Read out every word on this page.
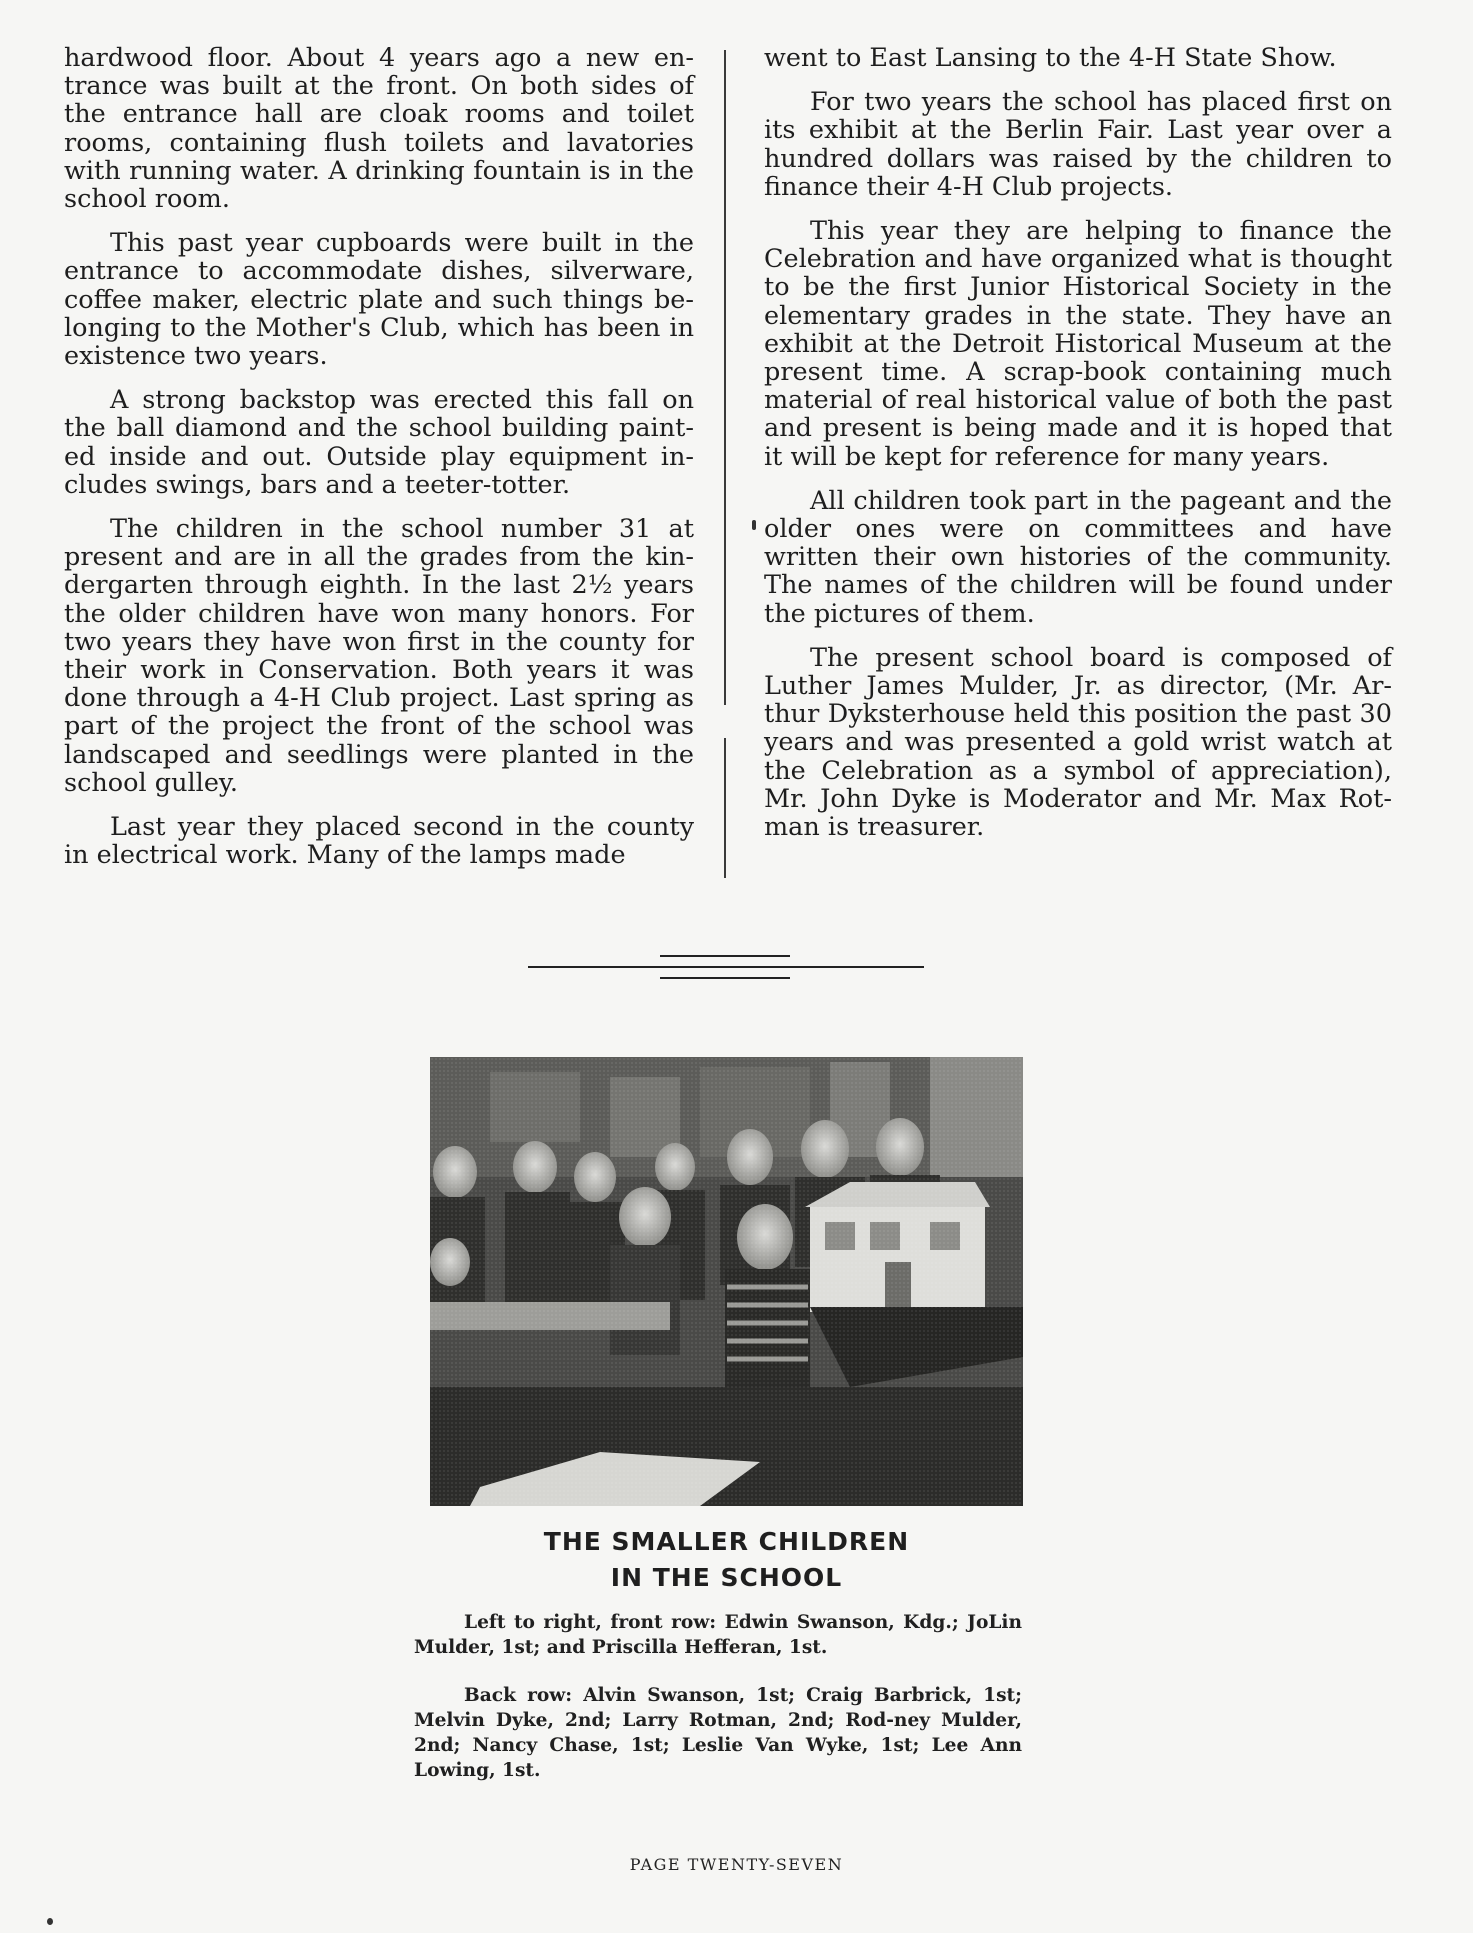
hardwood floor. About 4 years ago a new en-trance was built at the front. On both sides of the entrance hall are cloak rooms and toilet rooms, containing flush toilets and lavatories with running water. A drinking fountain is in the school room.

This past year cupboards were built in the entrance to accommodate dishes, silverware, coffee maker, electric plate and such things be-longing to the Mother's Club, which has been in existence two years.

A strong backstop was erected this fall on the ball diamond and the school building paint-ed inside and out. Outside play equipment in-cludes swings, bars and a teeter-totter.

The children in the school number 31 at present and are in all the grades from the kin-dergarten through eighth. In the last 2½ years the older children have won many honors. For two years they have won first in the county for their work in Conservation. Both years it was done through a 4-H Club project. Last spring as part of the project the front of the school was landscaped and seedlings were planted in the school gulley.

Last year they placed second in the county in electrical work. Many of the lamps made

went to East Lansing to the 4-H State Show.

For two years the school has placed first on its exhibit at the Berlin Fair. Last year over a hundred dollars was raised by the children to finance their 4-H Club projects.

This year they are helping to finance the Celebration and have organized what is thought to be the first Junior Historical Society in the elementary grades in the state. They have an exhibit at the Detroit Historical Museum at the present time. A scrap-book containing much material of real historical value of both the past and present is being made and it is hoped that it will be kept for reference for many years.

All children took part in the pageant and the older ones were on committees and have written their own histories of the community. The names of the children will be found under the pictures of them.

The present school board is composed of Luther James Mulder, Jr. as director, (Mr. Ar-thur Dyksterhouse held this position the past 30 years and was presented a gold wrist watch at the Celebration as a symbol of appreciation), Mr. John Dyke is Moderator and Mr. Max Rot-man is treasurer.

THE SMALLER CHILDREN
IN THE SCHOOL
Left to right, front row: Edwin Swanson, Kdg.; JoLin Mulder, 1st; and Priscilla Hefferan, 1st.
Back row: Alvin Swanson, 1st; Craig Barbrick, 1st; Melvin Dyke, 2nd; Larry Rotman, 2nd; Rod-ney Mulder, 2nd; Nancy Chase, 1st; Leslie Van Wyke, 1st; Lee Ann Lowing, 1st.
PAGE TWENTY-SEVEN
